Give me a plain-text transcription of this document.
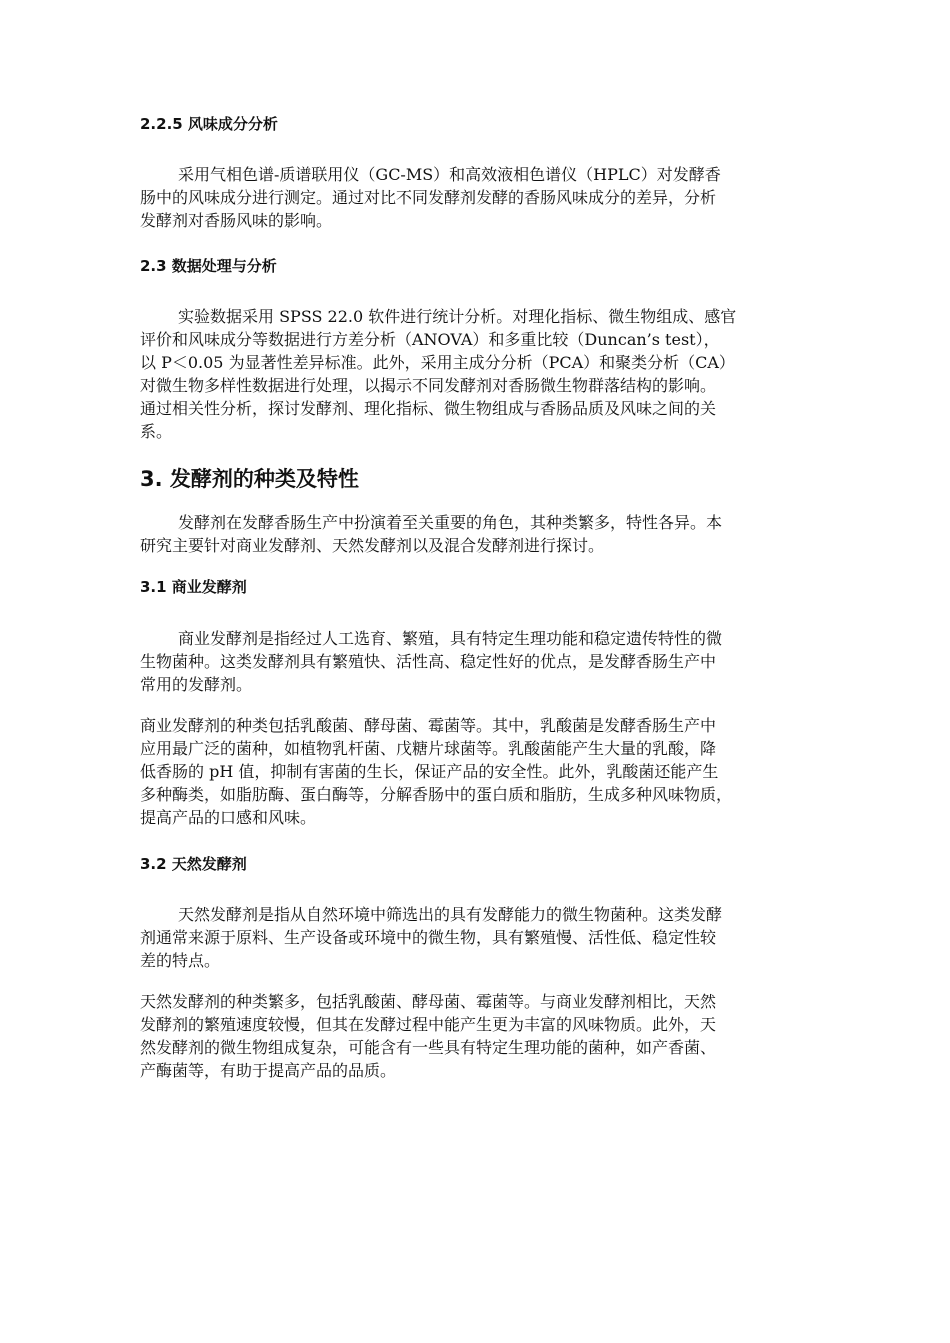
2.2.5 风味成分分析
采用气相色谱-质谱联用仪（GC-MS）和高效液相色谱仪（HPLC）对发酵香
肠中的风味成分进行测定。通过对比不同发酵剂发酵的香肠风味成分的差异，分析
发酵剂对香肠风味的影响。
2.3 数据处理与分析
实验数据采用 SPSS 22.0 软件进行统计分析。对理化指标、微生物组成、感官
评价和风味成分等数据进行方差分析（ANOVA）和多重比较（Duncan’s test），
以 P＜0.05 为显著性差异标准。此外，采用主成分分析（PCA）和聚类分析（CA）
对微生物多样性数据进行处理，以揭示不同发酵剂对香肠微生物群落结构的影响。
通过相关性分析，探讨发酵剂、理化指标、微生物组成与香肠品质及风味之间的关
系。
3. 发酵剂的种类及特性
发酵剂在发酵香肠生产中扮演着至关重要的角色，其种类繁多，特性各异。本
研究主要针对商业发酵剂、天然发酵剂以及混合发酵剂进行探讨。
3.1 商业发酵剂
商业发酵剂是指经过人工选育、繁殖，具有特定生理功能和稳定遗传特性的微
生物菌种。这类发酵剂具有繁殖快、活性高、稳定性好的优点，是发酵香肠生产中
常用的发酵剂。
商业发酵剂的种类包括乳酸菌、酵母菌、霉菌等。其中，乳酸菌是发酵香肠生产中
应用最广泛的菌种，如植物乳杆菌、戊糖片球菌等。乳酸菌能产生大量的乳酸，降
低香肠的 pH 值，抑制有害菌的生长，保证产品的安全性。此外，乳酸菌还能产生
多种酶类，如脂肪酶、蛋白酶等，分解香肠中的蛋白质和脂肪，生成多种风味物质，
提高产品的口感和风味。
3.2 天然发酵剂
天然发酵剂是指从自然环境中筛选出的具有发酵能力的微生物菌种。这类发酵
剂通常来源于原料、生产设备或环境中的微生物，具有繁殖慢、活性低、稳定性较
差的特点。
天然发酵剂的种类繁多，包括乳酸菌、酵母菌、霉菌等。与商业发酵剂相比，天然
发酵剂的繁殖速度较慢，但其在发酵过程中能产生更为丰富的风味物质。此外，天
然发酵剂的微生物组成复杂，可能含有一些具有特定生理功能的菌种，如产香菌、
产酶菌等，有助于提高产品的品质。
